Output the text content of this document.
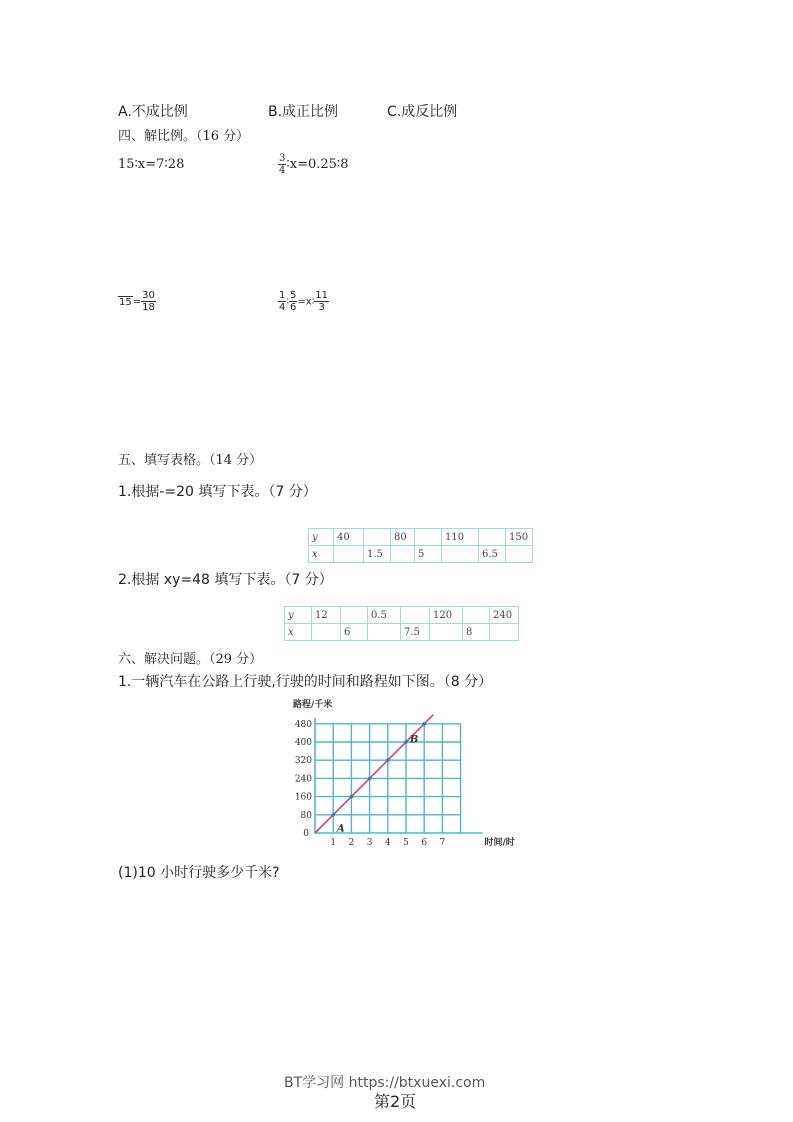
A.不成比例	B.成正比例	C.成反比例
四、解比例。（16 分）
15∶x=7∶28	$\frac{3}{4}$ ∶x=0.25∶8
$15 = \frac{30}{18}$	$\frac{1}{4}$ ∶ $\frac{5}{6}$ =x∶ $\frac{11}{3}$
五、填写表格。（14 分）
1.根据-=20 填写下表。（7 分）
y	40		80		110		150
x		1.5		5		6.5	
2.根据 xy=48 填写下表。（7 分）
y	12		0.5		120		240
x		6		7.5		8	
六、解决问题。（29 分）
1.一辆汽车在公路上行驶,行驶的时间和路程如下图。（8 分）
1 2 3 4 5 6 7
80
160
240
320
400
480
0
路程/千米
时间/时
A
B
(1)10 小时行驶多少千米?
BT学习网 https://btxuexi.com
第2页
